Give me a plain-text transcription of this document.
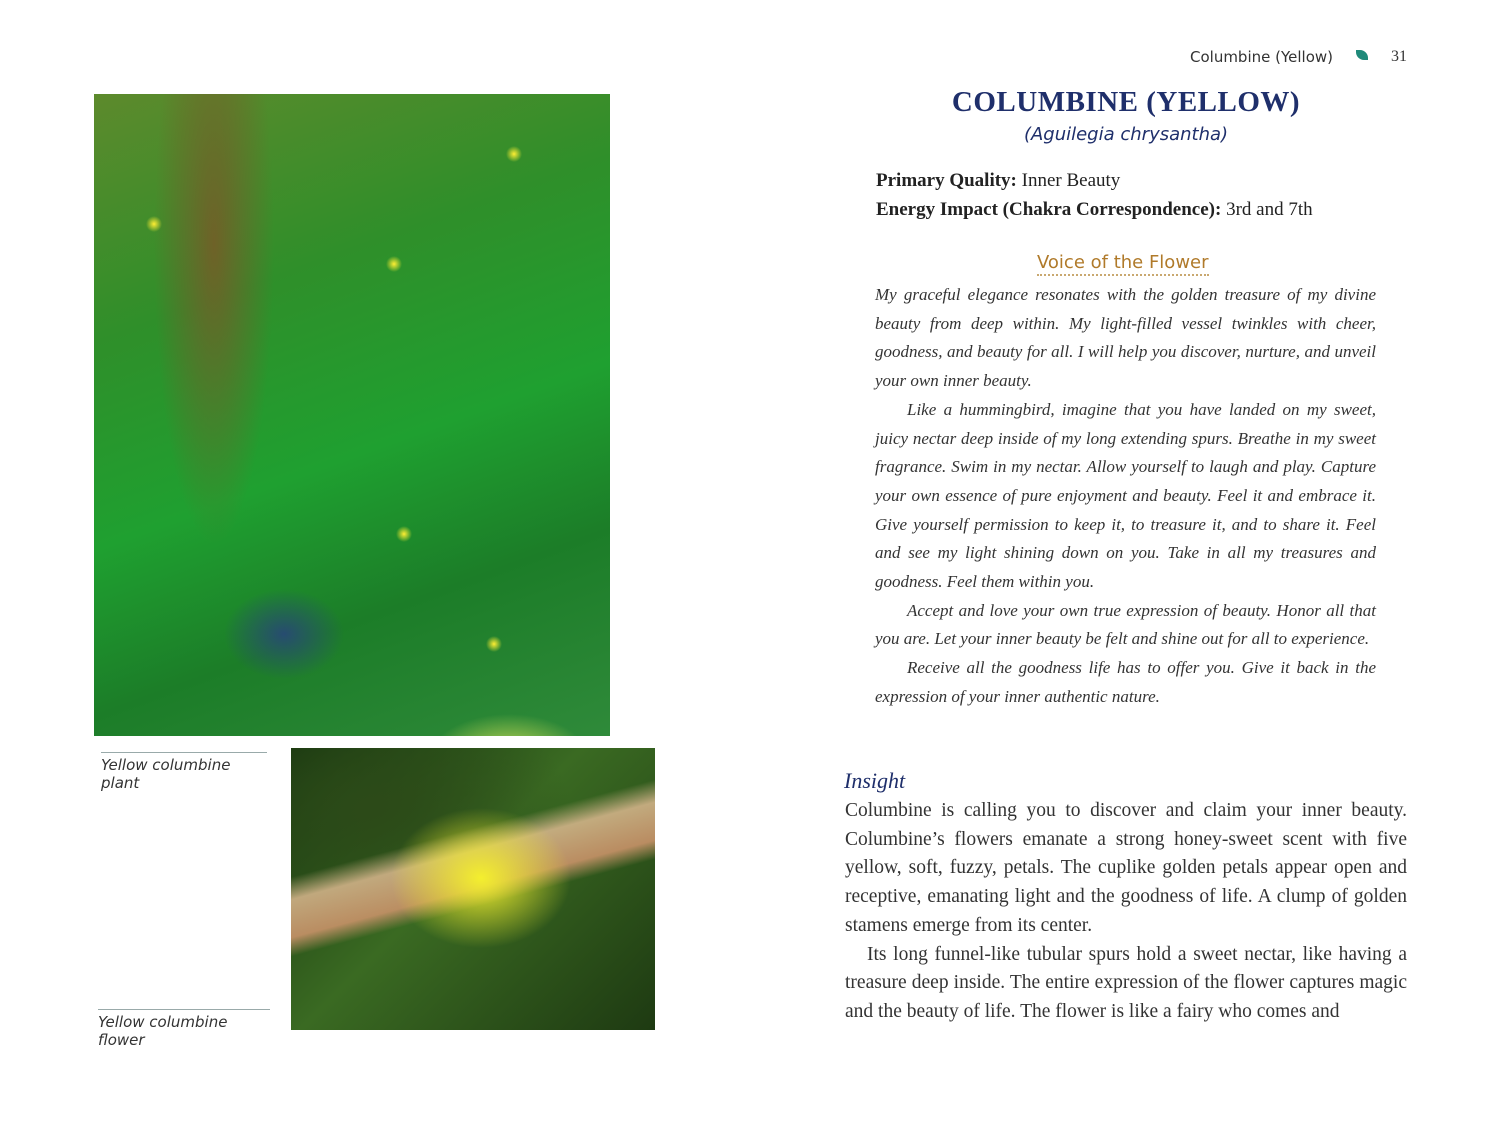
Yellow columbine plant
Yellow columbine flower
Columbine (Yellow)	31
COLUMBINE (YELLOW)
(Aguilegia chrysantha)
Primary Quality: Inner Beauty
Energy Impact (Chakra Correspondence): 3rd and 7th
Voice of the Flower

My graceful elegance resonates with the golden treasure of my divine beauty from deep within. My light-filled vessel twinkles with cheer, goodness, and beauty for all. I will help you discover, nurture, and unveil your own inner beauty.

Like a hummingbird, imagine that you have landed on my sweet, juicy nectar deep inside of my long extending spurs. Breathe in my sweet fragrance. Swim in my nectar. Allow yourself to laugh and play. Capture your own essence of pure enjoyment and beauty. Feel it and embrace it. Give yourself permission to keep it, to treasure it, and to share it. Feel and see my light shining down on you. Take in all my treasures and goodness. Feel them within you.

Accept and love your own true expression of beauty. Honor all that you are. Let your inner beauty be felt and shine out for all to experience.

Receive all the goodness life has to offer you. Give it back in the expression of your inner authentic nature.

Insight

Columbine is calling you to discover and claim your inner beauty. Columbine’s flowers emanate a strong honey-sweet scent with five yellow, soft, fuzzy, petals. The cuplike golden petals appear open and receptive, emanating light and the goodness of life. A clump of golden stamens emerge from its center.

Its long funnel-like tubular spurs hold a sweet nectar, like having a treasure deep inside. The entire expression of the flower captures magic and the beauty of life. The flower is like a fairy who comes and
